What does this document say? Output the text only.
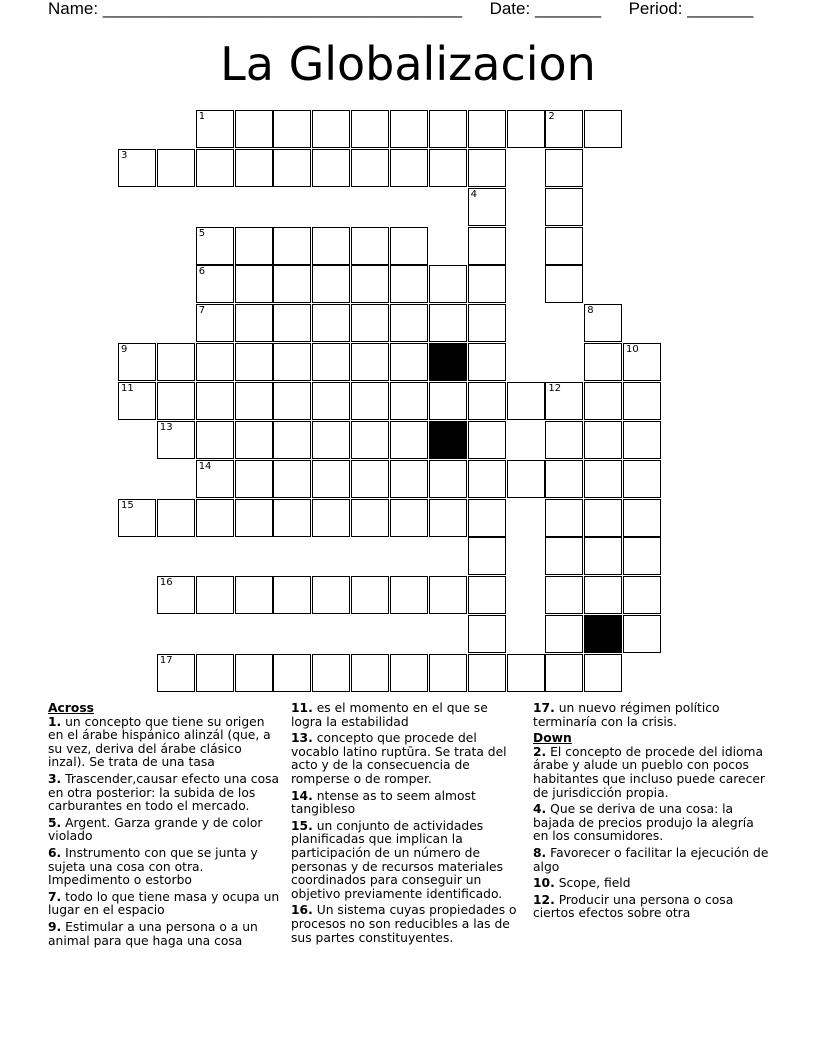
Name: ______________________________________ Date: _______ Period: _______
La Globalizacion
1	2
3
4
5
6
7	8
9	10
11	12
13
14
15
16
17
Across
1. un concepto que tiene su origen en el árabe hispánico alinzál (que, a su vez, deriva del árabe clásico inzal). Se trata de una tasa
3. Trascender,causar efecto una cosa en otra posterior: la subida de los carburantes en todo el mercado.
5. Argent. Garza grande y de color violado
6. Instrumento con que se junta y sujeta una cosa con otra. Impedimento o estorbo
7. todo lo que tiene masa y ocupa un lugar en el espacio
9. Estimular a una persona o a un animal para que haga una cosa
11. es el momento en el que se logra la estabilidad
13. concepto que procede del vocablo latino ruptūra. Se trata del acto y de la consecuencia de romperse o de romper.
14. ntense as to seem almost tangibleso
15. un conjunto de actividades planificadas que implican la participación de un número de personas y de recursos materiales coordinados para conseguir un objetivo previamente identificado.
16. Un sistema cuyas propiedades o procesos no son reducibles a las de sus partes constituyentes.
17. un nuevo régimen político terminaría con la crisis.
Down
2. El concepto de procede del idioma árabe y alude un pueblo con pocos habitantes que incluso puede carecer de jurisdicción propia.
4. Que se deriva de una cosa: la bajada de precios produjo la alegría en los consumidores.
8. Favorecer o facilitar la ejecución de algo
10. Scope, field
12. Producir una persona o cosa ciertos efectos sobre otra
